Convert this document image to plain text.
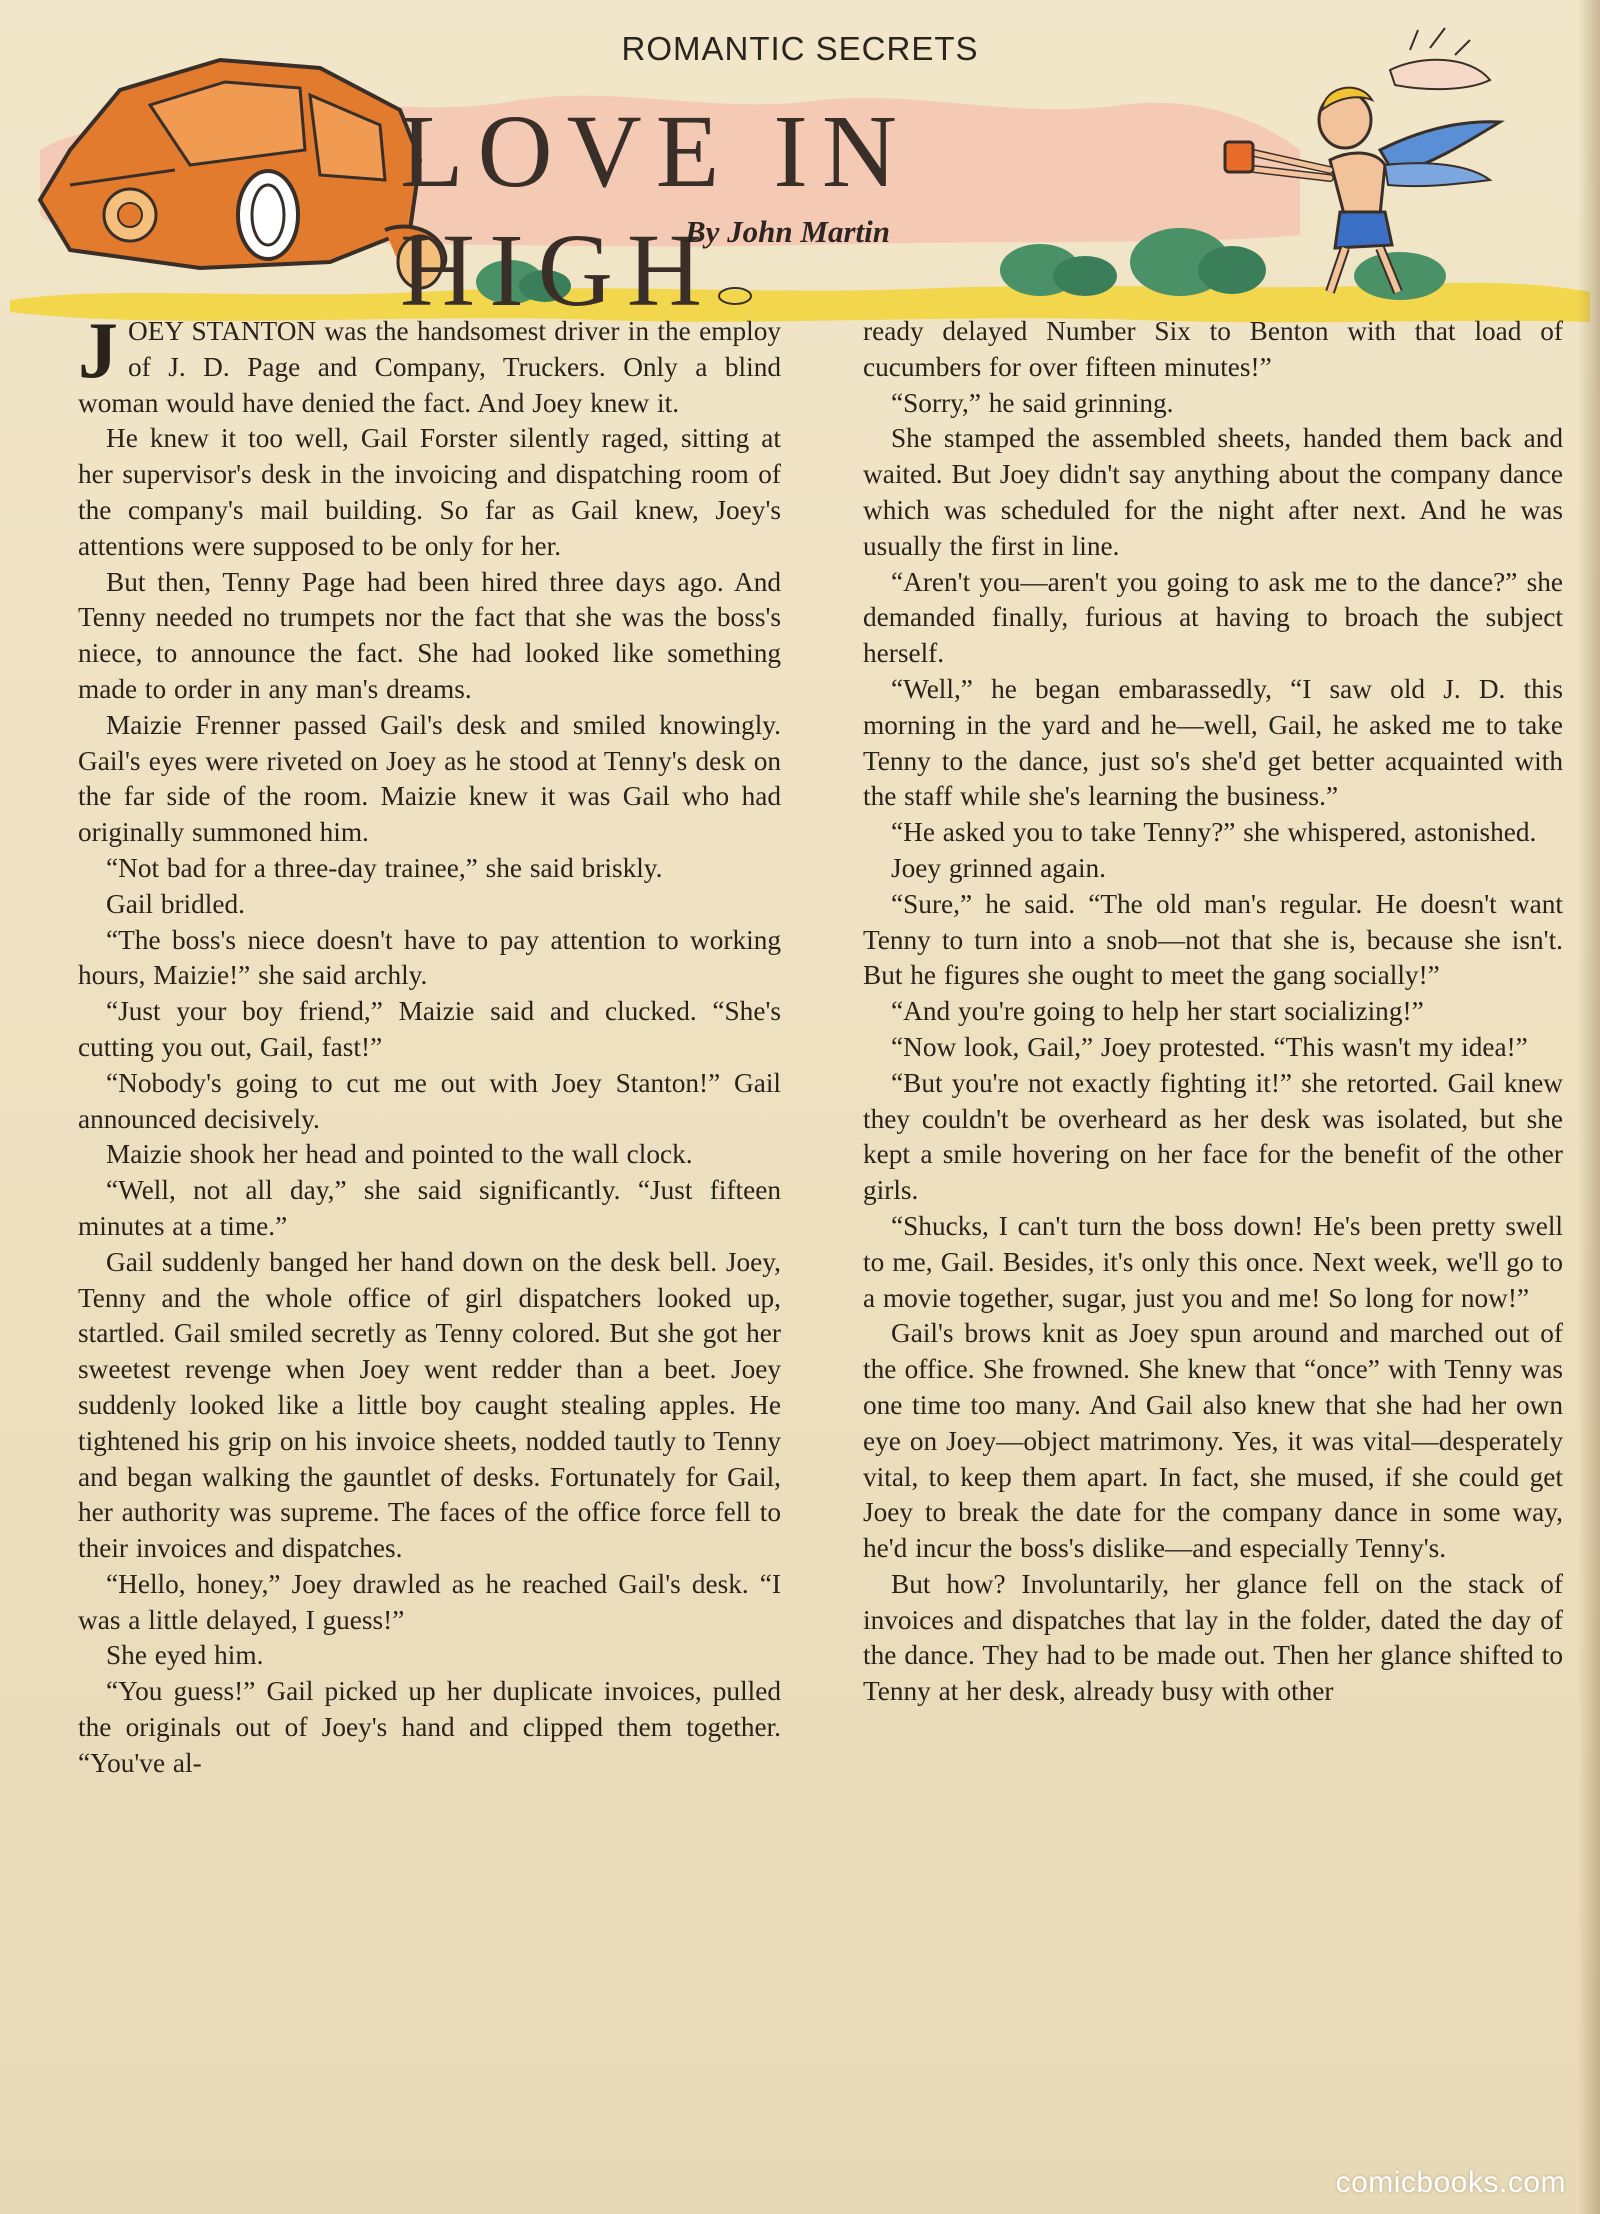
ROMANTIC SECRETS
LOVE IN HIGH
By John Martin

JOEY STANTON was the handsomest driver in the employ of J. D. Page and Company, Truckers. Only a blind woman would have denied the fact. And Joey knew it.

He knew it too well, Gail Forster silently raged, sitting at her supervisor's desk in the invoicing and dispatching room of the company's mail building. So far as Gail knew, Joey's attentions were supposed to be only for her.

But then, Tenny Page had been hired three days ago. And Tenny needed no trumpets nor the fact that she was the boss's niece, to announce the fact. She had looked like something made to order in any man's dreams.

Maizie Frenner passed Gail's desk and smiled knowingly. Gail's eyes were riveted on Joey as he stood at Tenny's desk on the far side of the room. Maizie knew it was Gail who had originally summoned him.

“Not bad for a three-day trainee,” she said briskly.

Gail bridled.

“The boss's niece doesn't have to pay attention to working hours, Maizie!” she said archly.

“Just your boy friend,” Maizie said and clucked. “She's cutting you out, Gail, fast!”

“Nobody's going to cut me out with Joey Stanton!” Gail announced decisively.

Maizie shook her head and pointed to the wall clock.

“Well, not all day,” she said significantly. “Just fifteen minutes at a time.”

Gail suddenly banged her hand down on the desk bell. Joey, Tenny and the whole office of girl dispatchers looked up, startled. Gail smiled secretly as Tenny colored. But she got her sweetest revenge when Joey went redder than a beet. Joey suddenly looked like a little boy caught stealing apples. He tightened his grip on his invoice sheets, nodded tautly to Tenny and began walking the gauntlet of desks. Fortunately for Gail, her authority was supreme. The faces of the office force fell to their invoices and dispatches.

“Hello, honey,” Joey drawled as he reached Gail's desk. “I was a little delayed, I guess!”

She eyed him.

“You guess!” Gail picked up her duplicate invoices, pulled the originals out of Joey's hand and clipped them together. “You've al-

ready delayed Number Six to Benton with that load of cucumbers for over fifteen minutes!”

“Sorry,” he said grinning.

She stamped the assembled sheets, handed them back and waited. But Joey didn't say anything about the company dance which was scheduled for the night after next. And he was usually the first in line.

“Aren't you—aren't you going to ask me to the dance?” she demanded finally, furious at having to broach the subject herself.

“Well,” he began embarassedly, “I saw old J. D. this morning in the yard and he—well, Gail, he asked me to take Tenny to the dance, just so's she'd get better acquainted with the staff while she's learning the business.”

“He asked you to take Tenny?” she whispered, astonished.

Joey grinned again.

“Sure,” he said. “The old man's regular. He doesn't want Tenny to turn into a snob—not that she is, because she isn't. But he figures she ought to meet the gang socially!”

“And you're going to help her start socializing!”

“Now look, Gail,” Joey protested. “This wasn't my idea!”

“But you're not exactly fighting it!” she retorted. Gail knew they couldn't be overheard as her desk was isolated, but she kept a smile hovering on her face for the benefit of the other girls.

“Shucks, I can't turn the boss down! He's been pretty swell to me, Gail. Besides, it's only this once. Next week, we'll go to a movie together, sugar, just you and me! So long for now!”

Gail's brows knit as Joey spun around and marched out of the office. She frowned. She knew that “once” with Tenny was one time too many. And Gail also knew that she had her own eye on Joey—object matrimony. Yes, it was vital—desperately vital, to keep them apart. In fact, she mused, if she could get Joey to break the date for the company dance in some way, he'd incur the boss's dislike—and especially Tenny's.

But how? Involuntarily, her glance fell on the stack of invoices and dispatches that lay in the folder, dated the day of the dance. They had to be made out. Then her glance shifted to Tenny at her desk, already busy with other

comicbooks.com
